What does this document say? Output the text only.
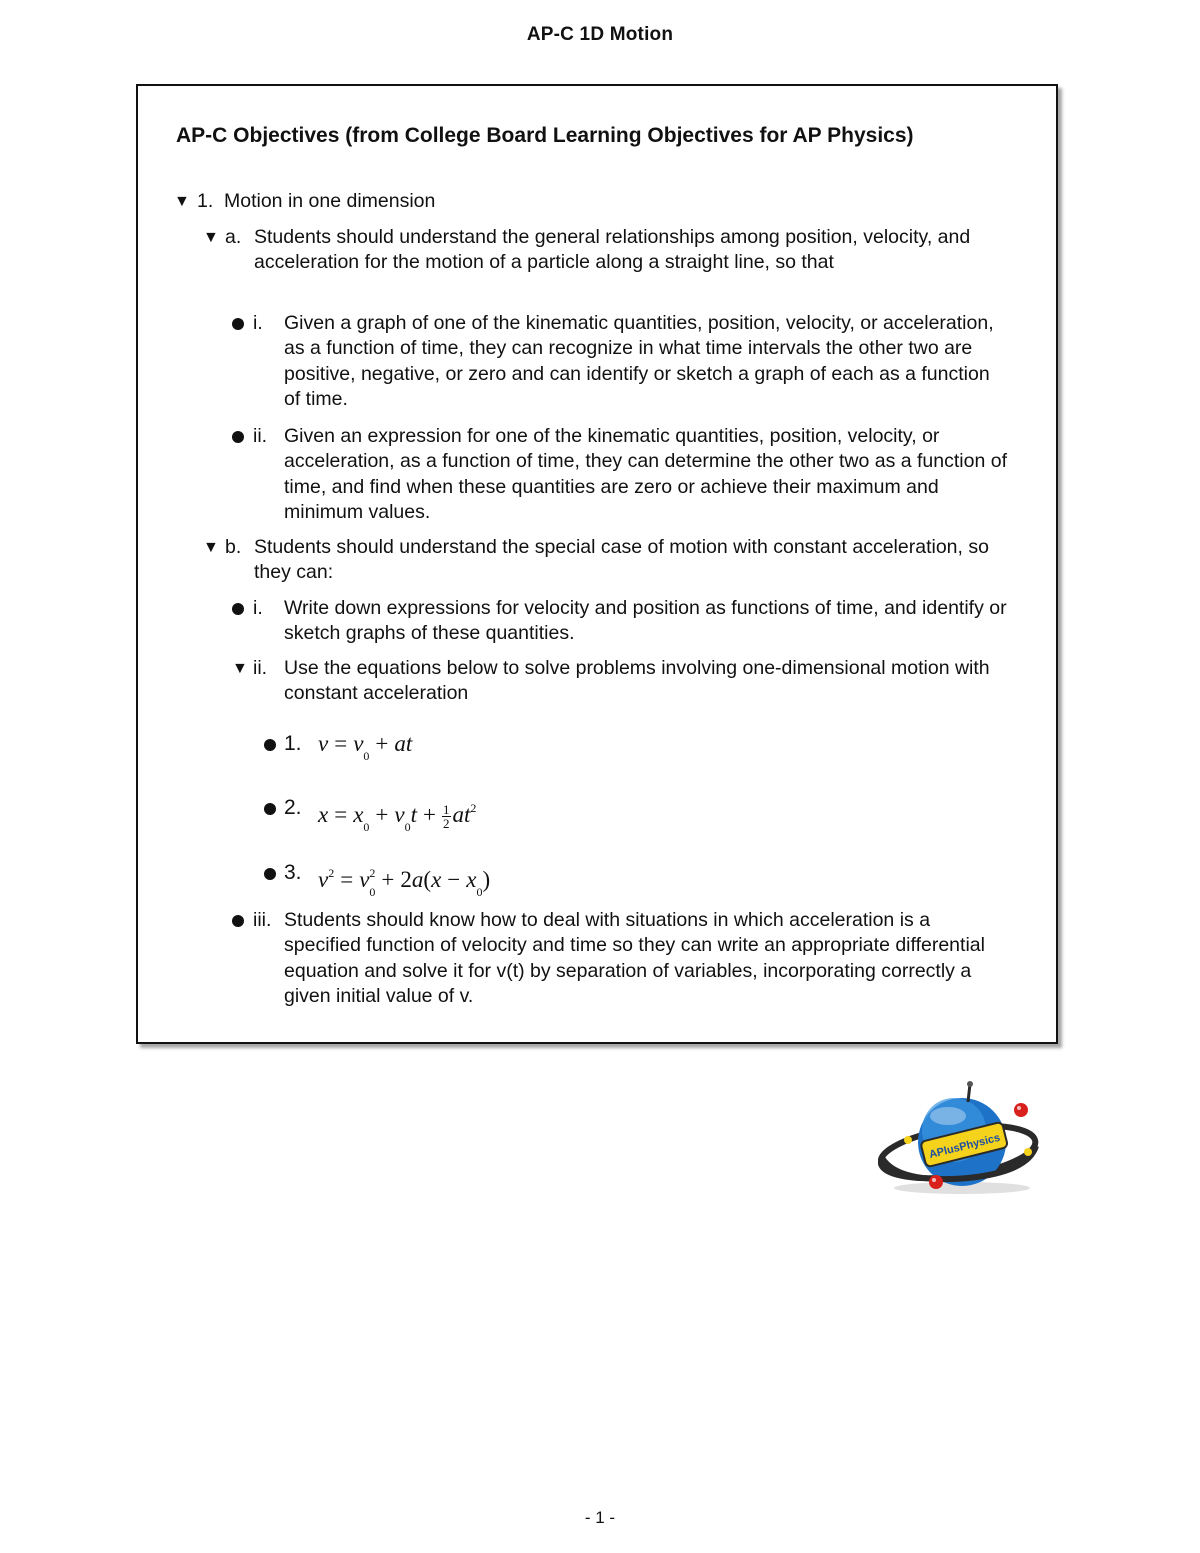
AP-C 1D Motion
AP-C Objectives (from College Board Learning Objectives for AP Physics)
▼ 1. Motion in one dimension
▼ a. Students should understand the general relationships among position, velocity, and acceleration for the motion of a particle along a straight line, so that
i. Given a graph of one of the kinematic quantities, position, velocity, or acceleration, as a function of time, they can recognize in what time intervals the other two are positive, negative, or zero and can identify or sketch a graph of each as a function of time.
ii. Given an expression for one of the kinematic quantities, position, velocity, or acceleration, as a function of time, they can determine the other two as a function of time, and find when these quantities are zero or achieve their maximum and minimum values.
▼ b. Students should understand the special case of motion with constant acceleration, so they can:
i. Write down expressions for velocity and position as functions of time, and identify or sketch graphs of these quantities.
▼ ii. Use the equations below to solve problems involving one-dimensional motion with constant acceleration
1. $v = v_0$ + at
2. $x = x_0 + v_0t + \frac{1}{2} at^2$
3. $v^2 = v^2_0 + 2a(x - x_0)$
iii. Students should know how to deal with situations in which acceleration is a specified function of velocity and time so they can write an appropriate differential equation and solve it for v(t) by separation of variables, incorporating correctly a given initial value of v.
APlusPhysics
- 1 -
